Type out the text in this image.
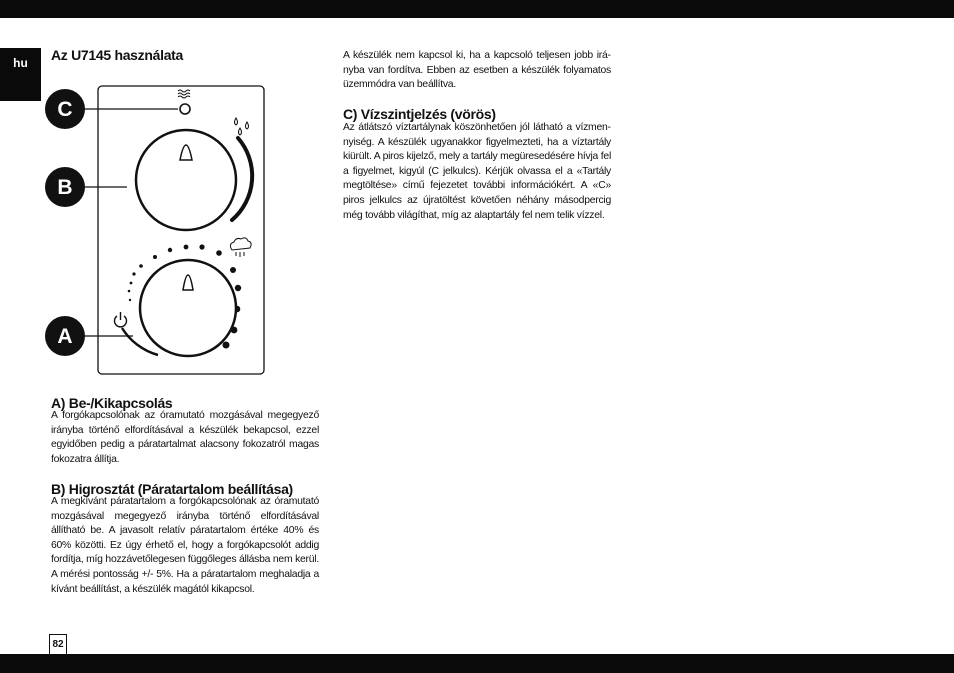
hu	Az U7145 használata
C
B
A
A) Be-/Kikapcsolás

A forgókapcsolónak az óramutató mozgásával megegyező irányba történő elfordításával a készülék bekapcsol, ezzel egyidőben pedig a páratartalmat alacsony fokozatról magas fokozatra állítja.

B) Higrosztát (Páratartalom beállítása)

A megkívánt páratartalom a forgókapcsolónak az óramutató mozgásával megegyező irányba történő elfordításával állítható be. A javasolt relatív páratartalom értéke 40% és 60% közötti. Ez úgy érhető el, hogy a forgókapcsolót addig fordítja, míg hozzávetőlegesen függőleges állásba nem kerül. A mérési pontosság +/- 5%. Ha a páratartalom meghaladja a kívánt beállítást, a készülék magától kikapcsol.

A készülék nem kapcsol ki, ha a kapcsoló teljesen jobb irányba van fordítva. Ebben az esetben a készülék folyamatos üzemmódra van beállítva.

C) Vízszintjelzés (vörös)

Az átlátszó víztartálynak köszönhetően jól látható a vízmennyiség. A készülék ugyanakkor figyelmezteti, ha a víztartály kiürült. A piros kijelző, mely a tartály megüresedésére hívja fel a figyelmet, kigyúl (C jelkulcs). Kérjük olvassa el a «Tartály megtöltése» című fejezetet további információkért. A «C» piros jelkulcs az újratöltést követően néhány másodpercig még tovább világíthat, míg az alaptartály fel nem telik vízzel.

82
